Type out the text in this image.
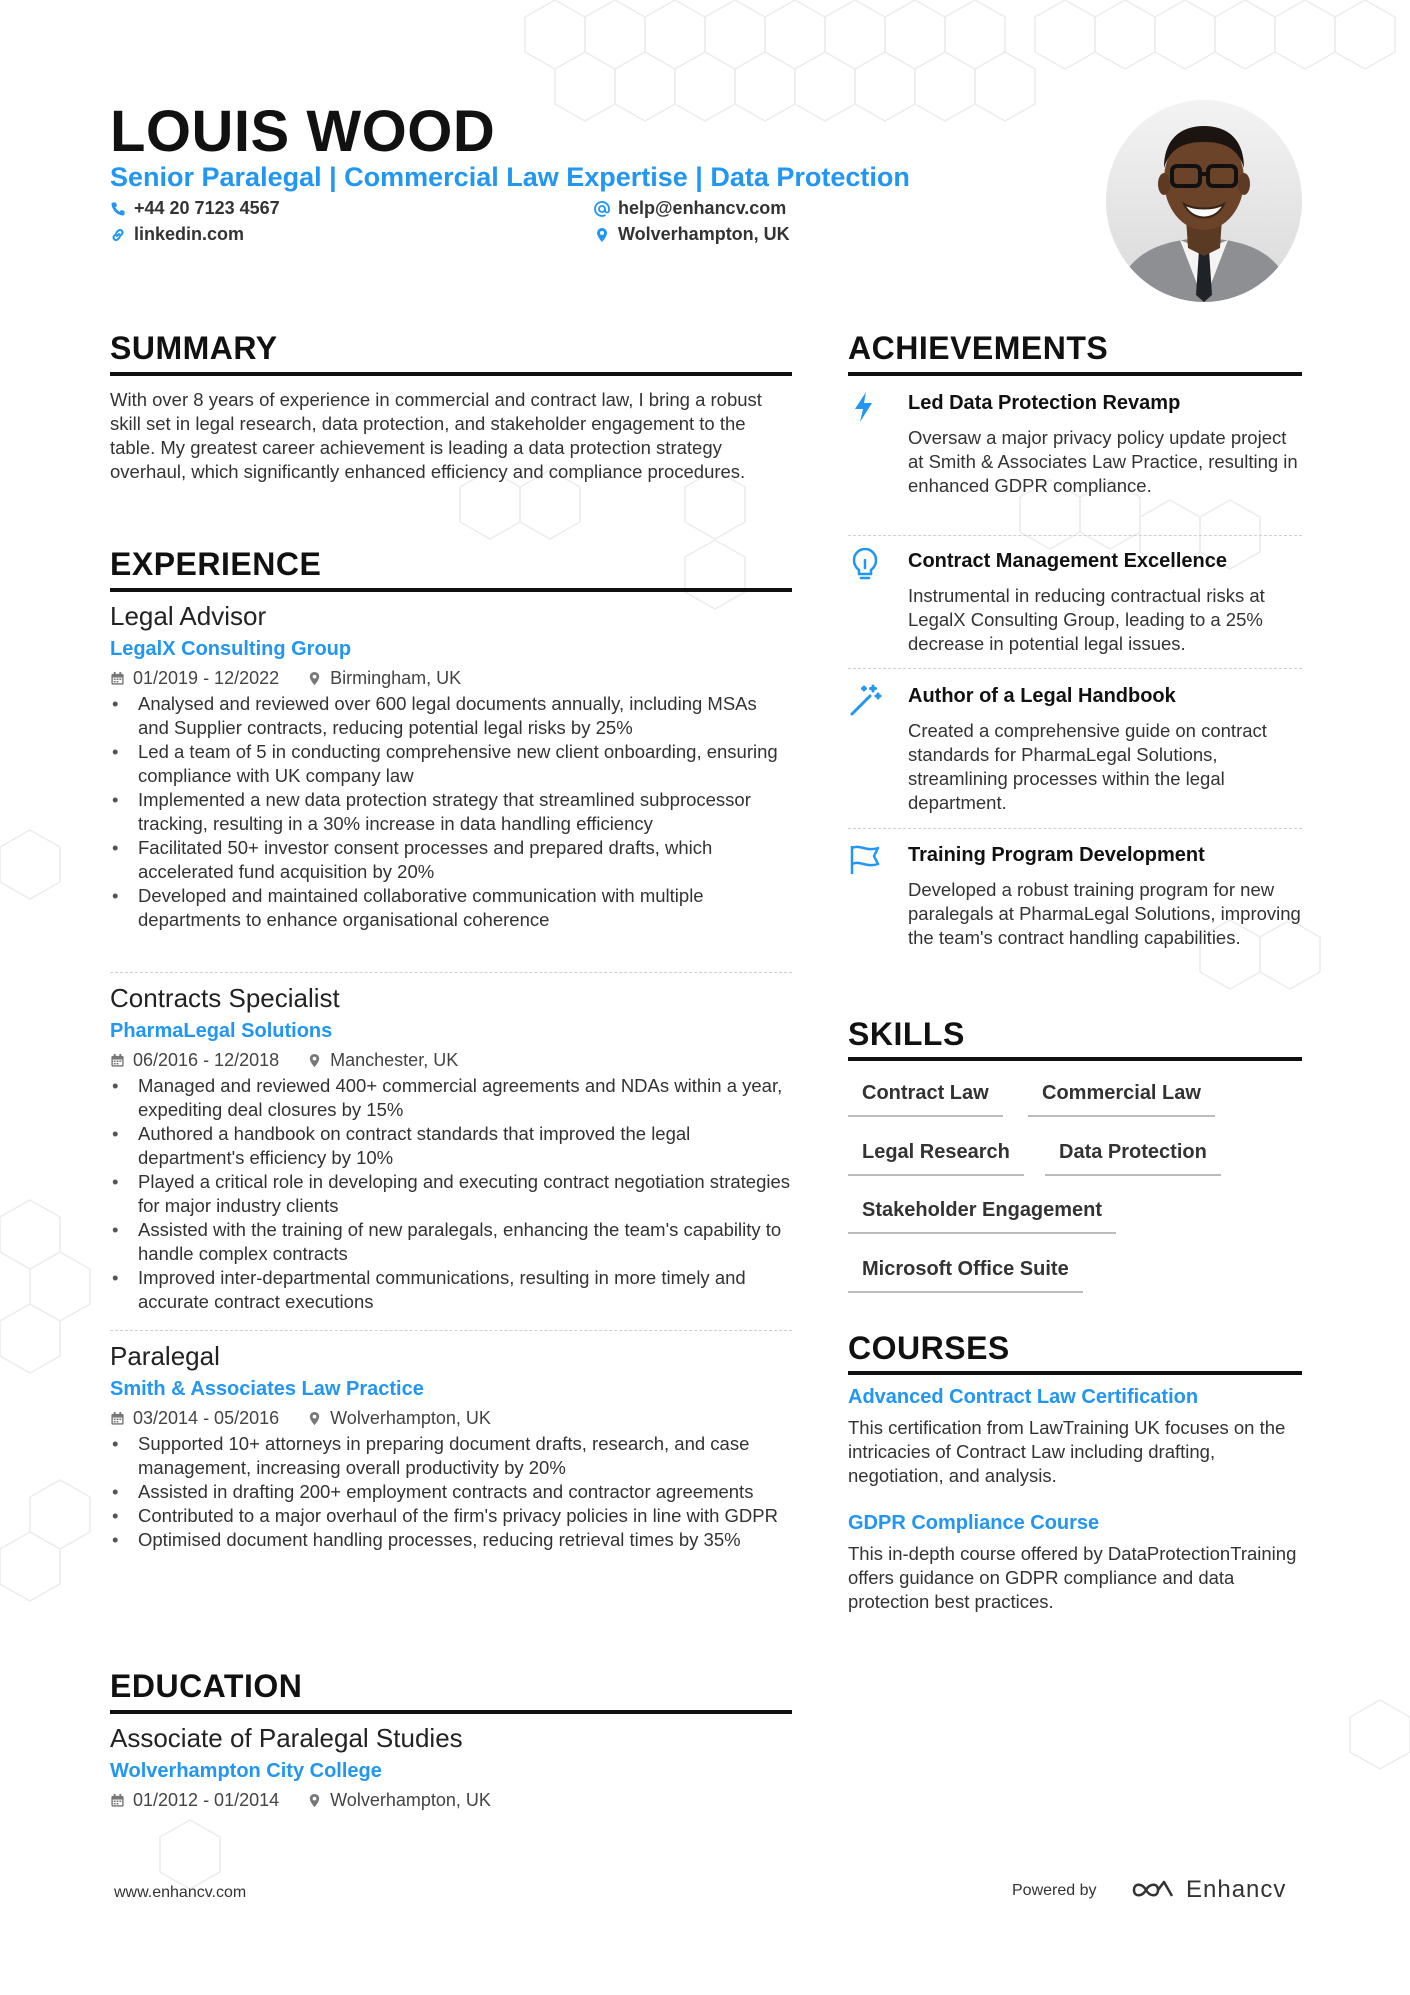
LOUIS WOOD
Senior Paralegal | Commercial Law Expertise | Data Protection
+44 20 7123 4567
linkedin.com
help@enhancv.com
Wolverhampton, UK
SUMMARY
With over 8 years of experience in commercial and contract law, I bring a robust skill set in legal research, data protection, and stakeholder engagement to the table. My greatest career achievement is leading a data protection strategy overhaul, which significantly enhanced efficiency and compliance procedures.
EXPERIENCE
Legal Advisor
LegalX Consulting Group
01/2019 - 12/2022	Birmingham, UK
• Analysed and reviewed over 600 legal documents annually, including MSAs and Supplier contracts, reducing potential legal risks by 25%
• Led a team of 5 in conducting comprehensive new client onboarding, ensuring compliance with UK company law
• Implemented a new data protection strategy that streamlined subprocessor tracking, resulting in a 30% increase in data handling efficiency
• Facilitated 50+ investor consent processes and prepared drafts, which accelerated fund acquisition by 20%
• Developed and maintained collaborative communication with multiple departments to enhance organisational coherence
Contracts Specialist
PharmaLegal Solutions
06/2016 - 12/2018	Manchester, UK
• Managed and reviewed 400+ commercial agreements and NDAs within a year, expediting deal closures by 15%
• Authored a handbook on contract standards that improved the legal department's efficiency by 10%
• Played a critical role in developing and executing contract negotiation strategies for major industry clients
• Assisted with the training of new paralegals, enhancing the team's capability to handle complex contracts
• Improved inter-departmental communications, resulting in more timely and accurate contract executions
Paralegal
Smith & Associates Law Practice
03/2014 - 05/2016	Wolverhampton, UK
• Supported 10+ attorneys in preparing document drafts, research, and case management, increasing overall productivity by 20%
• Assisted in drafting 200+ employment contracts and contractor agreements
• Contributed to a major overhaul of the firm's privacy policies in line with GDPR
• Optimised document handling processes, reducing retrieval times by 35%
EDUCATION
Associate of Paralegal Studies
Wolverhampton City College
01/2012 - 01/2014	Wolverhampton, UK
ACHIEVEMENTS
Led Data Protection Revamp
Oversaw a major privacy policy update project at Smith & Associates Law Practice, resulting in enhanced GDPR compliance.
Contract Management Excellence
Instrumental in reducing contractual risks at LegalX Consulting Group, leading to a 25% decrease in potential legal issues.
Author of a Legal Handbook
Created a comprehensive guide on contract standards for PharmaLegal Solutions, streamlining processes within the legal department.
Training Program Development
Developed a robust training program for new paralegals at PharmaLegal Solutions, improving the team's contract handling capabilities.
SKILLS
Contract Law	Commercial Law
Legal Research	Data Protection
Stakeholder Engagement
Microsoft Office Suite
COURSES
Advanced Contract Law Certification
This certification from LawTraining UK focuses on the intricacies of Contract Law including drafting, negotiation, and analysis.
GDPR Compliance Course
This in-depth course offered by DataProtectionTraining offers guidance on GDPR compliance and data protection best practices.
www.enhancv.com	Powered by	Enhancv
